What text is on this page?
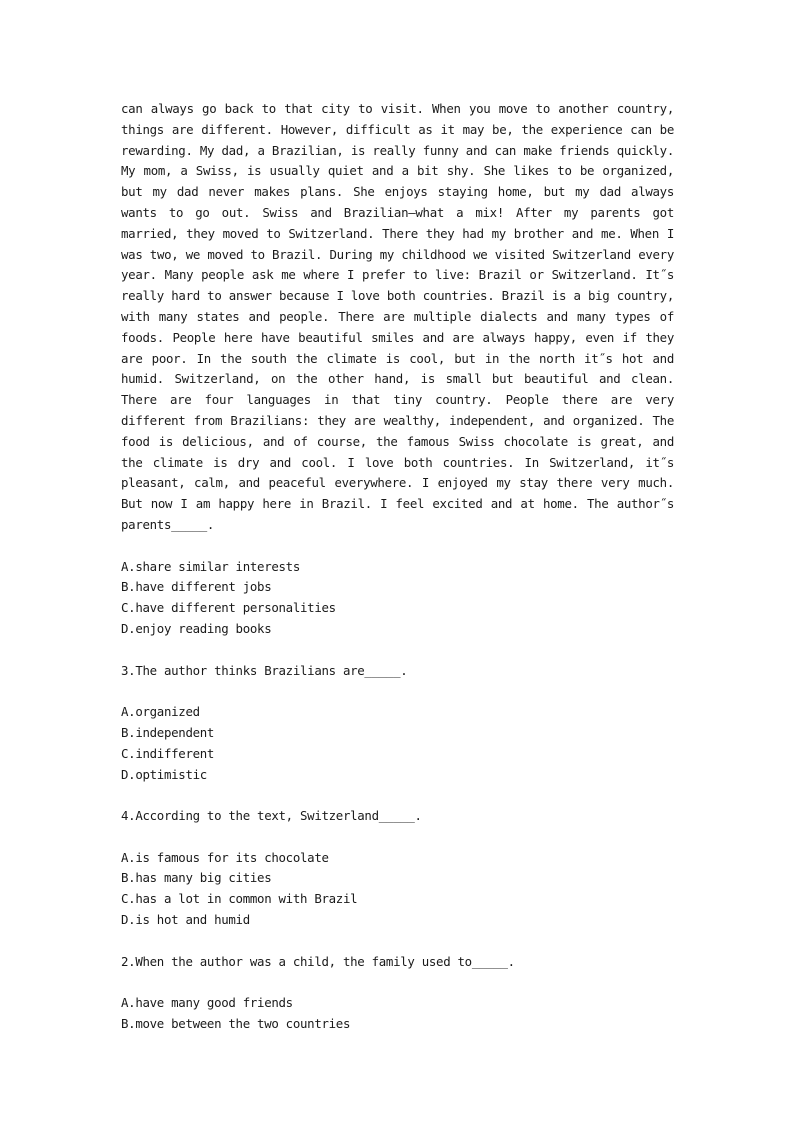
can always go back to that city to visit. When you move to another country, things are different. However, difficult as it may be, the experience can be rewarding. My dad, a Brazilian, is really funny and can make friends quickly. My mom, a Swiss, is usually quiet and a bit shy. She likes to be organized, but my dad never makes plans. She enjoys staying home, but my dad always wants to go out. Swiss and Brazilian—what a mix! After my parents got married, they moved to Switzerland. There they had my brother and me. When I was two, we moved to Brazil. During my childhood we visited Switzerland every year. Many people ask me where I prefer to live: Brazil or Switzerland. It˝s really hard to answer because I love both countries. Brazil is a big country, with many states and people. There are multiple dialects and many types of foods. People here have beautiful smiles and are always happy, even if they are poor. In the south the climate is cool, but in the north it˝s hot and humid. Switzerland, on the other hand, is small but beautiful and clean. There are four languages in that tiny country. People there are very different from Brazilians: they are wealthy, independent, and organized. The food is delicious, and of course, the famous Swiss chocolate is great, and the climate is dry and cool. I love both countries. In Switzerland, it˝s pleasant, calm, and peaceful everywhere. I enjoyed my stay there very much. But now I am happy here in Brazil. I feel excited and at home. The author˝s parents_____.

A.share similar interests
B.have different jobs
C.have different personalities
D.enjoy reading books
3.The author thinks Brazilians are_____.
A.organized
B.independent
C.indifferent
D.optimistic
4.According to the text, Switzerland_____.
A.is famous for its chocolate
B.has many big cities
C.has a lot in common with Brazil
D.is hot and humid
2.When the author was a child, the family used to_____.
A.have many good friends
B.move between the two countries
